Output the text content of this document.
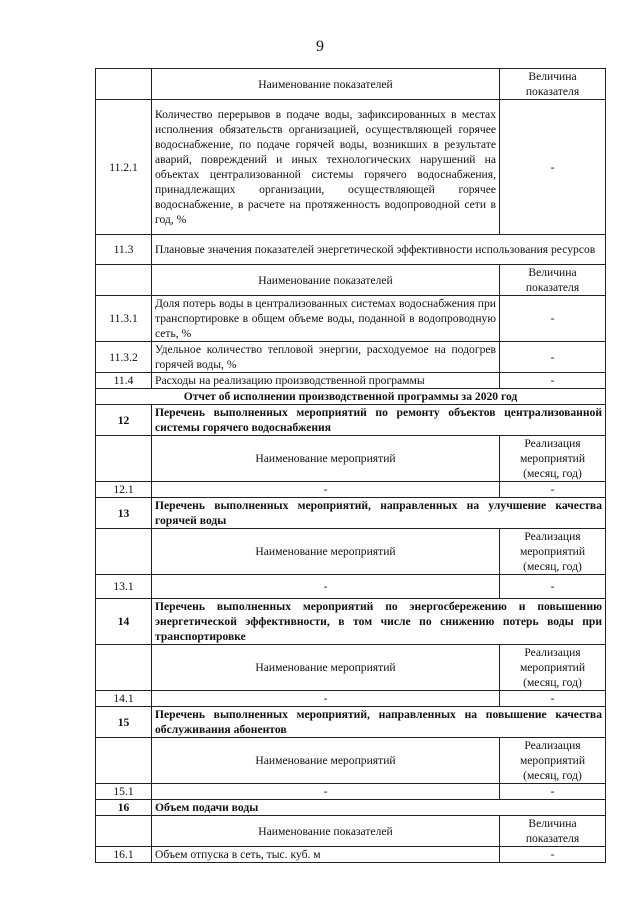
9
	Наименование показателей	Величина показателя
11.2.1	Количество перерывов в подаче воды, зафиксированных в местах исполнения обязательств организацией, осуществляющей горячее водоснабжение, по подаче горячей воды, возникших в результате аварий, повреждений и иных технологических нарушений на объектах централизованной системы горячего водоснабжения, принадлежащих организации, осуществляющей горячее водоснабжение, в расчете на протяженность водопроводной сети в год, %	-
11.3	Плановые значения показателей энергетической эффективности использования ресурсов	
	Наименование показателей	Величина показателя
11.3.1	Доля потерь воды в централизованных системах водоснабжения при транспортировке в общем объеме воды, поданной в водопроводную сеть, %	-
11.3.2	Удельное количество тепловой энергии, расходуемое на подогрев горячей воды, %	-
11.4	Расходы на реализацию производственной программы	-
Отчет об исполнении производственной программы за 2020 год		
12	Перечень выполненных мероприятий по ремонту объектов централизованной системы горячего водоснабжения	
	Наименование мероприятий	Реализация мероприятий (месяц, год)
12.1	-	-
13	Перечень выполненных мероприятий, направленных на улучшение качества горячей воды	
	Наименование мероприятий	Реализация мероприятий (месяц, год)
13.1	-	-
14	Перечень выполненных мероприятий по энергосбережению и повышению энергетической эффективности, в том числе по снижению потерь воды при транспортировке	
	Наименование мероприятий	Реализация мероприятий (месяц, год)
14.1	-	-
15	Перечень выполненных мероприятий, направленных на повышение качества обслуживания абонентов	
	Наименование мероприятий	Реализация мероприятий (месяц, год)
15.1	-	-
16	Объем подачи воды	
	Наименование показателей	Величина показателя
16.1	Объем отпуска в сеть, тыс. куб. м	-
